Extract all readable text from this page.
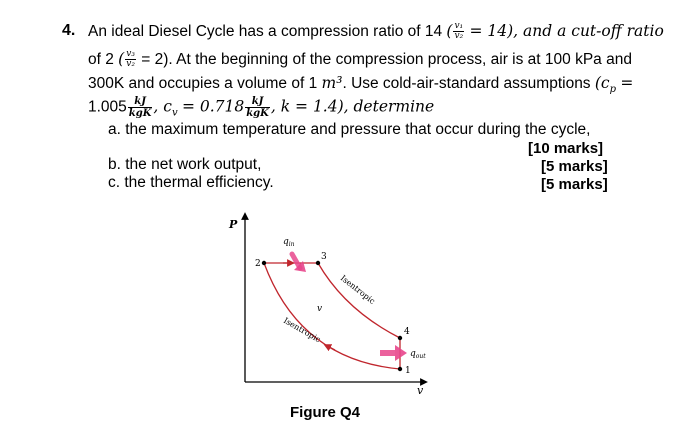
4. An ideal Diesel Cycle has a compression ratio of 14 ( $\frac{\text{v₁}}{\text{v₂}} = 14$), and a cut-off ratio
of 2 ( $\frac{\text{v₃}}{\text{v₂}} = 2$). At the beginning of the compression process, air is at 100 kPa and
300K and occupies a volume of 1 m³. Use cold-air-standard assumptions ($c_p$ =
$1.005 \frac{kJ}{\text{kgK}}$ , $c_v = 0.718 \frac{kJ}{\text{kgK}}$ , k = 1.4), determine
a. the maximum temperature and pressure that occur during the cycle,
[10 marks]
b. the net work output,	[5 marks]
c. the thermal efficiency.	[5 marks]
P
v
1
2
3
4
$q_{in}$
$q_{out}$
Isentropic
Isentropic
v
Figure Q4
